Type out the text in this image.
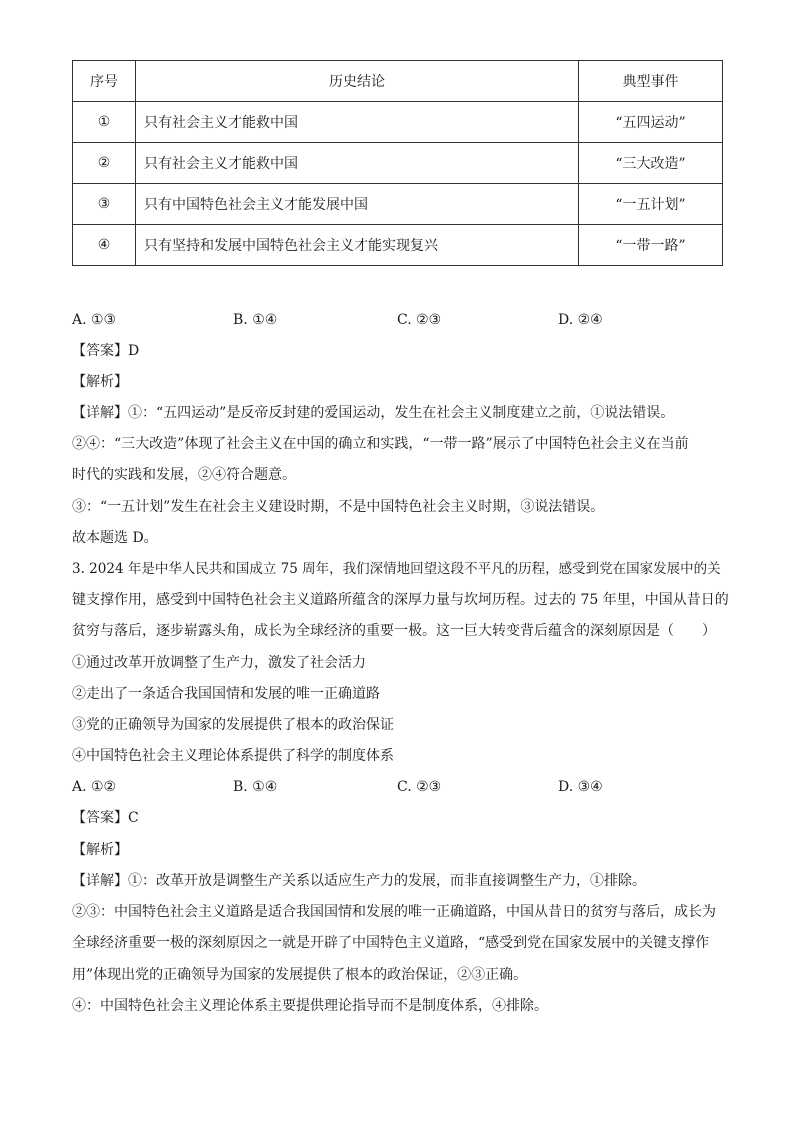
序号	历史结论	典型事件
①	只有社会主义才能救中国	“五四运动”
②	只有社会主义才能救中国	“三大改造”
③	只有中国特色社会主义才能发展中国	“一五计划”
④	只有坚持和发展中国特色社会主义才能实现复兴	“一带一路”
A. ①③	B. ①④	C. ②③	D. ②④
【答案】D
【解析】
【详解】①：“五四运动”是反帝反封建的爱国运动，发生在社会主义制度建立之前，①说法错误。
②④：“三大改造”体现了社会主义在中国的确立和实践，“一带一路”展示了中国特色社会主义在当前
时代的实践和发展，②④符合题意。
③：“一五计划”发生在社会主义建设时期，不是中国特色社会主义时期，③说法错误。
故本题选 D。
3. 2024 年是中华人民共和国成立 75 周年，我们深情地回望这段不平凡的历程，感受到党在国家发展中的关
键支撑作用，感受到中国特色社会主义道路所蕴含的深厚力量与坎坷历程。过去的 75 年里，中国从昔日的
贫穷与落后，逐步崭露头角，成长为全球经济的重要一极。这一巨大转变背后蕴含的深刻原因是（　　）
①通过改革开放调整了生产力，激发了社会活力
②走出了一条适合我国国情和发展的唯一正确道路
③党的正确领导为国家的发展提供了根本的政治保证
④中国特色社会主义理论体系提供了科学的制度体系
A. ①②	B. ①④	C. ②③	D. ③④
【答案】C
【解析】
【详解】①：改革开放是调整生产关系以适应生产力的发展，而非直接调整生产力，①排除。
②③：中国特色社会主义道路是适合我国国情和发展的唯一正确道路，中国从昔日的贫穷与落后，成长为
全球经济重要一极的深刻原因之一就是开辟了中国特色主义道路，“感受到党在国家发展中的关键支撑作
用”体现出党的正确领导为国家的发展提供了根本的政治保证，②③正确。
④：中国特色社会主义理论体系主要提供理论指导而不是制度体系，④排除。
